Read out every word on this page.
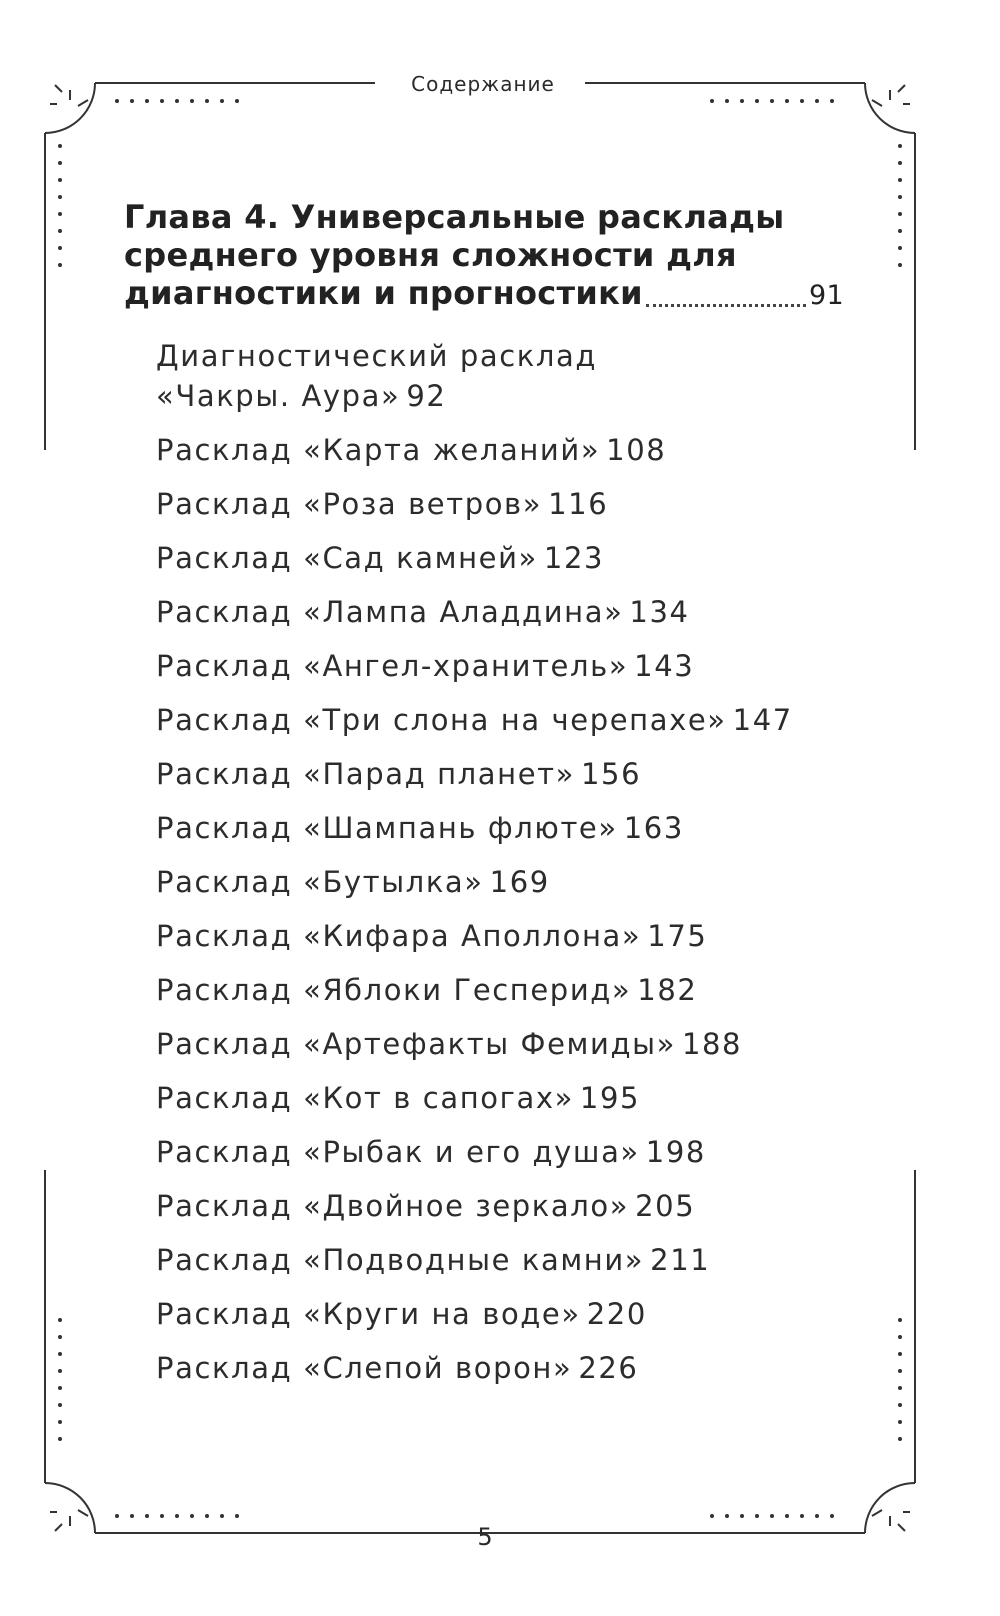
Содержание
Глава 4. Универсальные расклады
среднего уровня сложности для
диагностики и прогностики	91
Диагностический расклад
«Чакры. Аура» 92
Расклад «Карта желаний» 108
Расклад «Роза ветров» 116
Расклад «Сад камней» 123
Расклад «Лампа Аладдина» 134
Расклад «Ангел-хранитель» 143
Расклад «Три слона на черепахе» 147
Расклад «Парад планет» 156
Расклад «Шампань флюте» 163
Расклад «Бутылка» 169
Расклад «Кифара Аполлона» 175
Расклад «Яблоки Гесперид» 182
Расклад «Артефакты Фемиды» 188
Расклад «Кот в сапогах» 195
Расклад «Рыбак и его душа» 198
Расклад «Двойное зеркало» 205
Расклад «Подводные камни» 211
Расклад «Круги на воде» 220
Расклад «Слепой ворон» 226
5
